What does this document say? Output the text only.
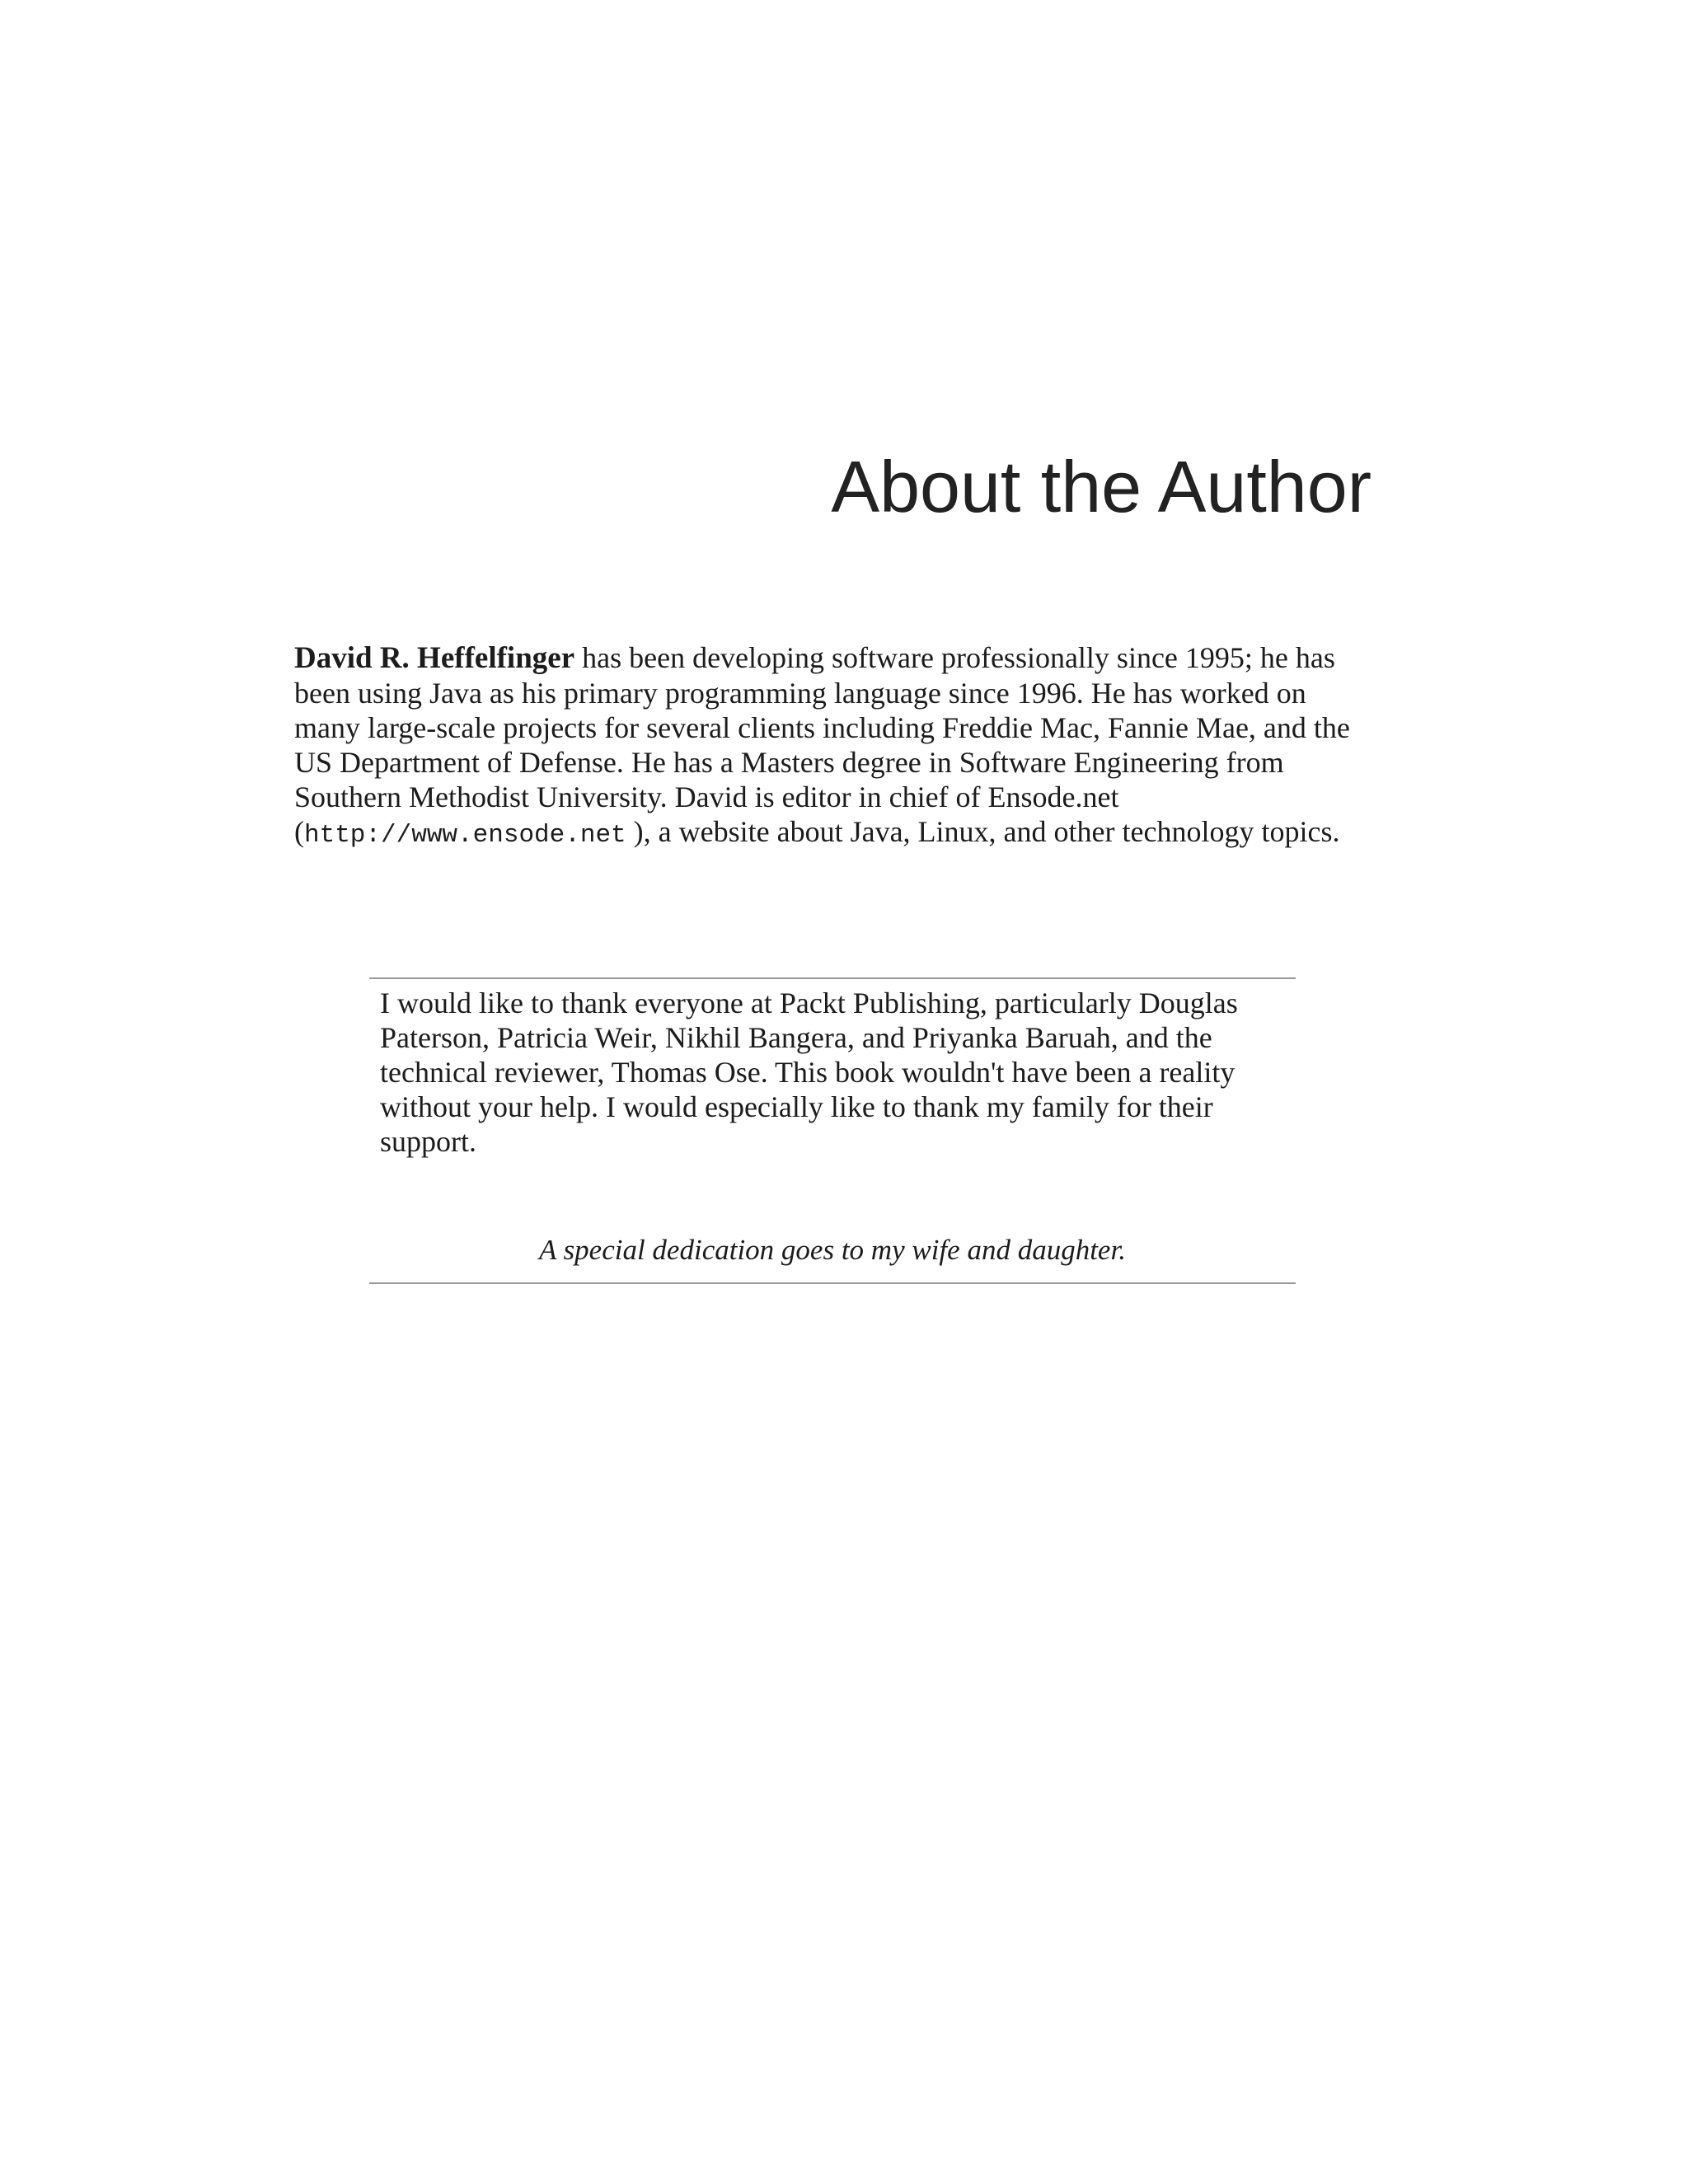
About the Author

David R. Heffelfinger has been developing software professionally since 1995; he has been using Java as his primary programming language since 1996. He has worked on many large-scale projects for several clients including Freddie Mac, Fannie Mae, and the US Department of Defense. He has a Masters degree in Software Engineering from Southern Methodist University. David is editor in chief of Ensode.net (http://www.ensode.net ), a website about Java, Linux, and other technology topics.

I would like to thank everyone at Packt Publishing, particularly Douglas Paterson, Patricia Weir, Nikhil Bangera, and Priyanka Baruah, and the technical reviewer, Thomas Ose. This book wouldn't have been a reality without your help. I would especially like to thank my family for their support.

A special dedication goes to my wife and daughter.
